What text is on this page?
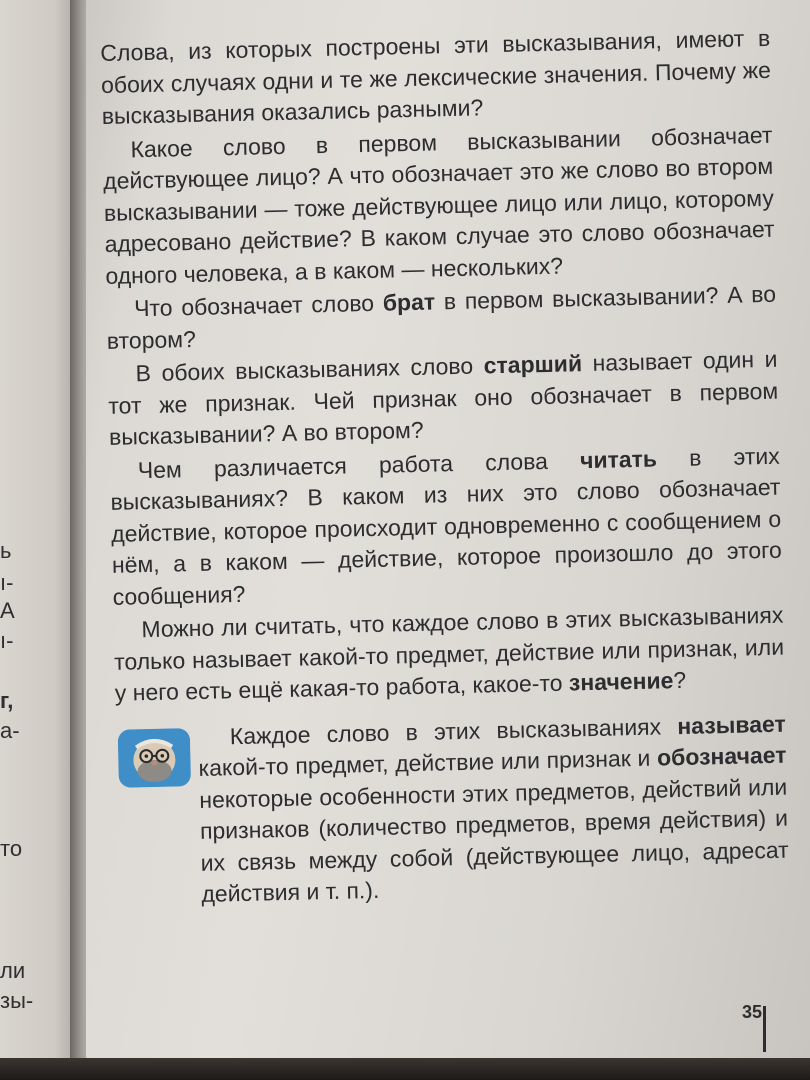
ь
ı-
А
ı-
г,
а-
то
ли
зы-

Слова, из которых построены эти высказывания, имеют в обоих случаях одни и те же лексические значения. Почему же высказывания оказались разными?

Какое слово в первом высказывании обозначает действующее лицо? А что обозначает это же слово во втором высказывании — тоже действующее лицо или лицо, которому адресовано действие? В каком случае это слово обозначает одного человека, а в каком — нескольких?

Что обозначает слово брат в первом высказывании? А во втором?

В обоих высказываниях слово старший называет один и тот же признак. Чей признак оно обозначает в первом высказывании? А во втором?

Чем различается работа слова читать в этих высказываниях? В каком из них это слово обозначает действие, которое происходит одновременно с сообщением о нём, а в каком — действие, которое произошло до этого сообщения?

Можно ли считать, что каждое слово в этих высказываниях только называет какой-то предмет, действие или признак, или у него есть ещё какая-то работа, какое-то значение?

Каждое слово в этих высказываниях называет какой-то предмет, действие или признак и обозначает некоторые особенности этих предметов, действий или признаков (количество предметов, время действия) и их связь между собой (действующее лицо, адресат действия и т. п.).

35
